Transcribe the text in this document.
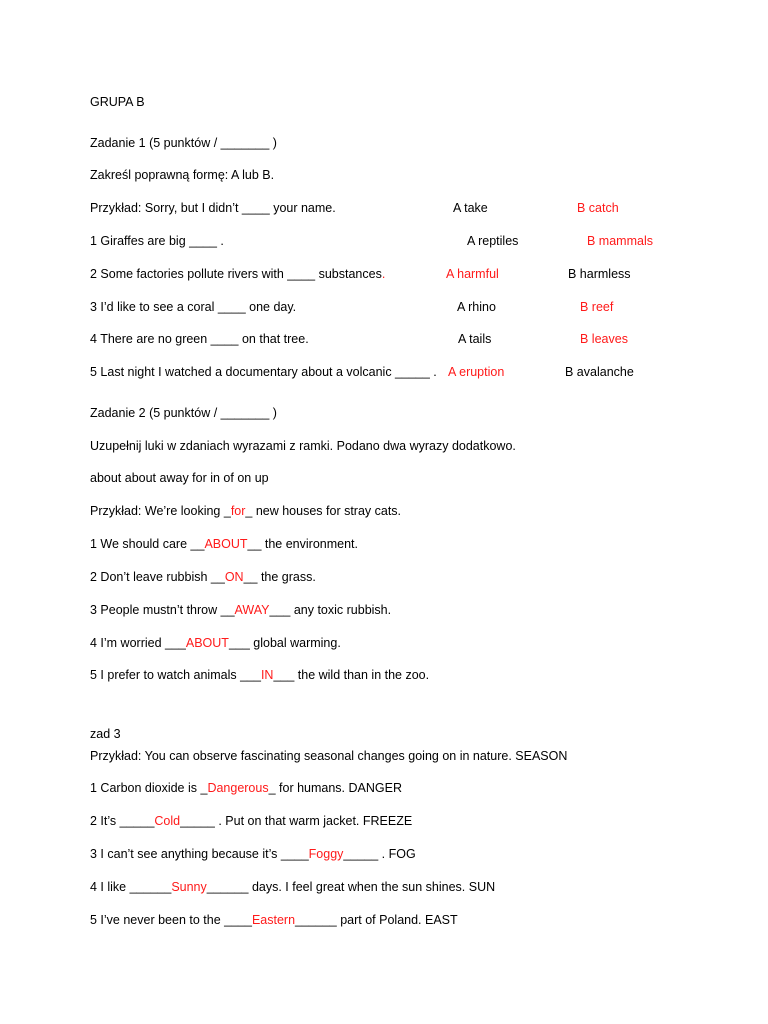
GRUPA B
Zadanie 1 (5 punktów / _______ )
Zakreśl poprawną formę: A lub B.
Przykład: Sorry, but I didn’t ____ your name.	A take	B catch
1 Giraffes are big ____ .	A reptiles	B mammals
2 Some factories pollute rivers with ____ substances.	A harmful	B harmless
3 I’d like to see a coral ____ one day.	A rhino	B reef
4 There are no green ____ on that tree.	A tails	B leaves
5 Last night I watched a documentary about a volcanic _____ . A eruption	B avalanche
Zadanie 2 (5 punktów / _______ )
Uzupełnij luki w zdaniach wyrazami z ramki. Podano dwa wyrazy dodatkowo.
about about away for in of on up
Przykład: We’re looking _for_ new houses for stray cats.
1 We should care __ABOUT__ the environment.
2 Don’t leave rubbish __ON__ the grass.
3 People mustn’t throw __AWAY___ any toxic rubbish.
4 I’m worried ___ABOUT___ global warming.
5 I prefer to watch animals ___IN___ the wild than in the zoo.
zad 3
Przykład: You can observe fascinating seasonal changes going on in nature. SEASON
1 Carbon dioxide is _Dangerous_ for humans. DANGER
2 It’s _____Cold_____ . Put on that warm jacket. FREEZE
3 I can’t see anything because it’s ____Foggy_____ . FOG
4 I like ______Sunny______ days. I feel great when the sun shines. SUN
5 I’ve never been to the ____Eastern______ part of Poland. EAST
